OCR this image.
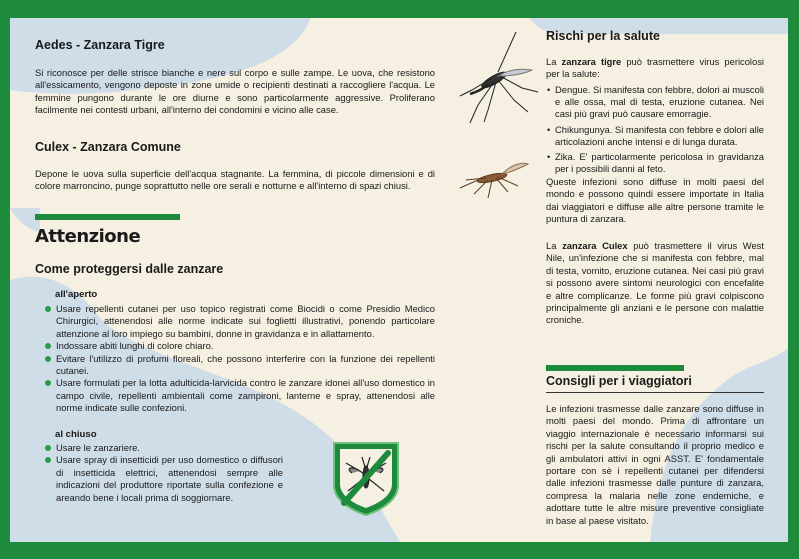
Aedes - Zanzara Tigre

Si riconosce per delle strisce bianche e nere sul corpo e sulle zampe. Le uova, che resistono all'essicamento, vengono deposte in zone umide o recipienti destinati a raccogliere l'acqua. Le femmine pungono durante le ore diurne e sono particolarmente aggressive. Proliferano facilmente nei contesti urbani, all'interno dei condomini e vicino alle case.

Culex - Zanzara Comune

Depone le uova sulla superficie dell'acqua stagnante. La femmina, di piccole dimensioni e di colore marroncino, punge soprattutto nelle ore serali e notturne e all'interno di spazi chiusi.

Attenzione
Come proteggersi dalle zanzare
all'aperto
Usare repellenti cutanei per uso topico registrati come Biocidi o come Presidio Medico Chirurgici, attenendosi alle norme indicate sui foglietti illustrativi, ponendo particolare attenzione al loro impiego su bambini, donne in gravidanza e in allattamento.
Indossare abiti lunghi di colore chiaro.
Evitare l'utilizzo di profumi floreali, che possono interferire con la funzione dei repellenti cutanei.
Usare formulati per la lotta adulticida-larvicida contro le zanzare idonei all'uso domestico in campo civile, repellenti ambientali come zampironi, lanterne e spray, attenendosi alle norme indicate sulle confezioni.
al chiuso
Usare le zanzariere.
Usare spray di insetticidi per uso domestico o diffusori di insetticida elettrici, attenendosi sempre alle indicazioni del produttore riportate sulla confezione e areando bene i locali prima di soggiornare.
Rischi per la salute

La zanzara tigre può trasmettere virus pericolosi per la salute:

• Dengue. Si manifesta con febbre, dolori ai muscoli e alle ossa, mal di testa, eruzione cutanea. Nei casi più gravi può causare emorragie.
• Chikungunya. Si manifesta con febbre e dolori alle articolazioni anche intensi e di lunga durata.
• Zika. E' particolarmente pericolosa in gravidanza per i possibili danni al feto.

Queste infezioni sono diffuse in molti paesi del mondo e possono quindi essere importate in Italia dai viaggiatori e diffuse alle altre persone tramite le puntura di zanzara.

La zanzara Culex può trasmettere il virus West Nile, un'infezione che si manifesta con febbre, mal di testa, vomito, eruzione cutanea. Nei casi più gravi si possono avere sintomi neurologici con encefalite e altre complicanze. Le forme più gravi colpiscono principalmente gli anziani e le persone con malattie croniche.

Consigli per i viaggiatori

Le infezioni trasmesse dalle zanzare sono diffuse in molti paesi del mondo. Prima di affrontare un viaggio internazionale è necessario informarsi sui rischi per la salute consultando il proprio medico e gli ambulatori attivi in ogni ASST. E' fondamentale portare con sè i repellenti cutanei per difendersi dalle infezioni trasmesse dalle punture di zanzara, compresa la malaria nelle zone endemiche, e adottare tutte le altre misure preventive consigliate in base al paese visitato.
